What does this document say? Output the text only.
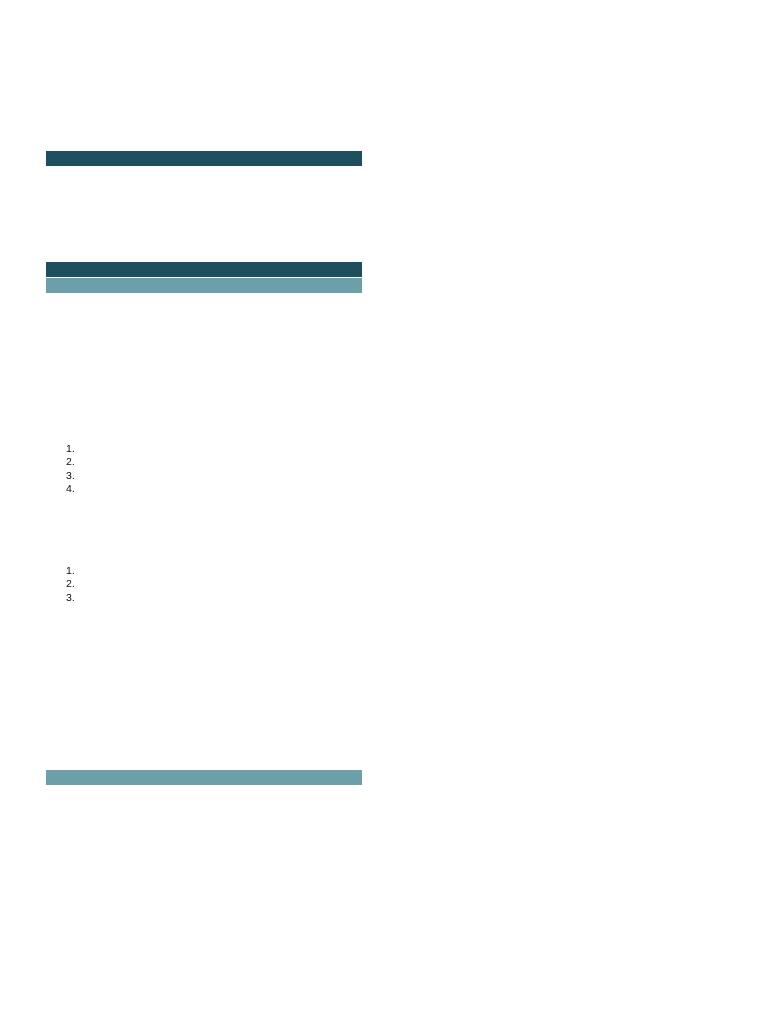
1.
2.
3.
4.
1.
2.
3.
